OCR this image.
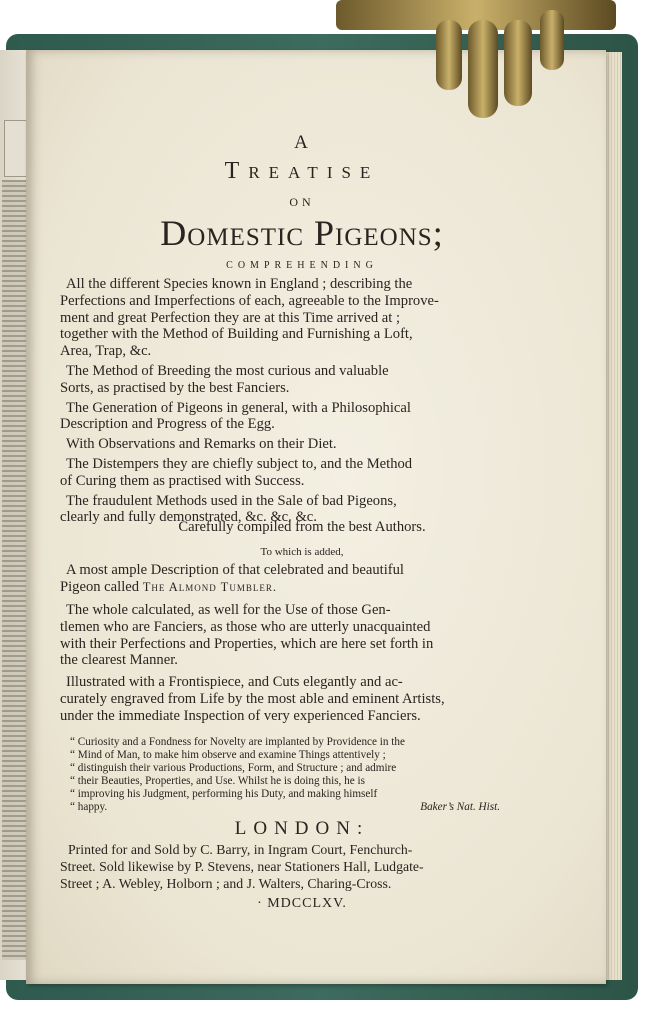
A
Treatise
on
Domestic Pigeons;
comprehending
All the different Species known in England ; describing the
Perfections and Imperfections of each, agreeable to the Improve-
ment and great Perfection they are at this Time arrived at ;
together with the Method of Building and Furnishing a Loft,
Area, Trap, &c.
The Method of Breeding the most curious and valuable
Sorts, as practised by the best Fanciers.
The Generation of Pigeons in general, with a Philosophical
Description and Progress of the Egg.
With Observations and Remarks on their Diet.
The Distempers they are chiefly subject to, and the Method
of Curing them as practised with Success.
The fraudulent Methods used in the Sale of bad Pigeons,
clearly and fully demonstrated, &c. &c. &c.
Carefully compiled from the best Authors.
To which is added,
A most ample Description of that celebrated and beautiful
Pigeon called The Almond Tumbler.
The whole calculated, as well for the Use of those Gen-
tlemen who are Fanciers, as those who are utterly unacquainted
with their Perfections and Properties, which are here set forth in
the clearest Manner.
Illustrated with a Frontispiece, and Cuts elegantly and ac-
curately engraved from Life by the most able and eminent Artists,
under the immediate Inspection of very experienced Fanciers.
“ Curiosity and a Fondness for Novelty are implanted by Providence in the
“ Mind of Man, to make him observe and examine Things attentively ;
“ distinguish their various Productions, Form, and Structure ; and admire
“ their Beauties, Properties, and Use. Whilst he is doing this, he is
“ improving his Judgment, performing his Duty, and making himself
“ happy.	Baker’s Nat. Hist.
LONDON:
Printed for and Sold by C. Barry, in Ingram Court, Fenchurch-
Street. Sold likewise by P. Stevens, near Stationers Hall, Ludgate-
Street ; A. Webley, Holborn ; and J. Walters, Charing-Cross.
· MDCCLXV.
